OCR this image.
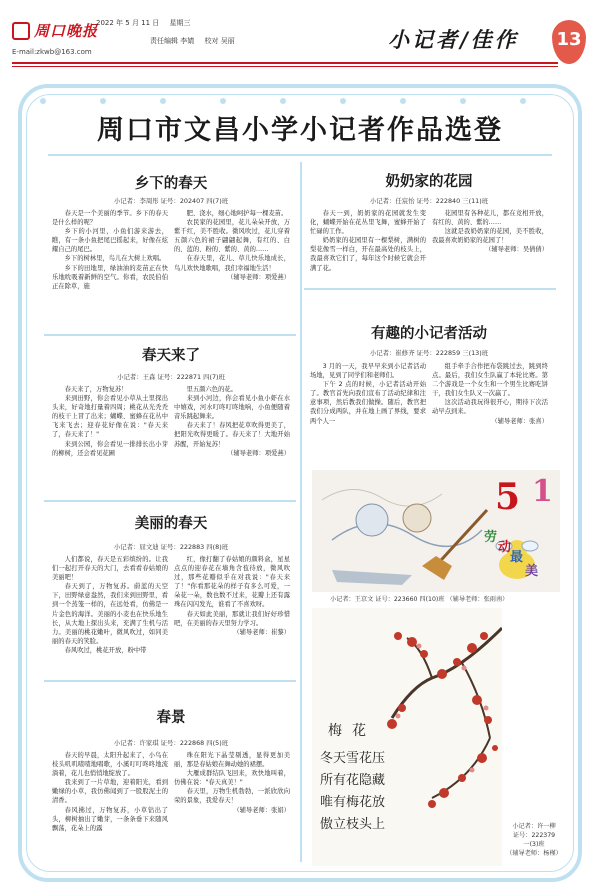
周口晚报
E-mail:zkwb@163.com
2022 年 5 月 11 日 星期三
责任编辑 李婧 校对 吴丽	小记者/佳作 13
周口市文昌小学小记者作品选登
乡下的春天
小记者：李周彤 证号：202407 四(7)班

春天是一个美丽的季节。乡下的春天是什么样的呢？

乡下的小河里，小鱼们游来游去，瞧，有一条小鱼把尾巴摇起来，好像在炫耀自己的尾巴。

乡下的树林里，鸟儿在大树上欢唱。

乡下的田地里，绿油油的麦苗正在快乐地吮吸着新鲜的空气。你看，农民伯伯正在除草，施

肥、浇水，细心地呵护每一棵麦苗。

农民家的花园里，花儿朵朵开放，万紫千红，美不胜收。微风吹过，花儿穿着五颜六色的裙子翩翩起舞，有红的、白的、蓝的、粉的、紫的、黄的……

在春天里，花儿、草儿快乐地成长，鸟儿欢快地歌唱，我们幸福地生活！

（辅导老师：项爱燕）

春天来了
小记者：王森 证号：222871 四(7)班

春天来了，万物复苏！

来到田野，你会看见小草从土里探出头来，好奇地打量着四周；桃花从光秃秃的枝干上冒了出来；蝴蝶、蜜蜂在花丛中飞来飞去；迎春花好像在说："春天来了，春天来了！"

来到公园，你会看见一排排长出小芽的柳树，还会看见花圃

里五颜六色的花。

来到小河边，你会看见小鱼小虾在水中嬉戏，河水叮咚叮咚地响，小鱼便随着音乐跳起舞来。

春天来了！春风把花草吹得更美了，把阳光吹得更暖了。春天来了！大地开始苏醒，开始复苏！

（辅导老师：项爱燕）

美丽的春天
小记者：屈文迪 证号：222883 四(8)班

人们都说，春天是五彩缤纷的。让我们一起打开春天的大门，去看看春姑娘的美丽吧！

春天到了，万物复苏。蔚蓝的天空下，田野绿意盎然，我们来到田野里，看到一个蒸笼一样的，在远处看，仿佛是一片金色的海洋。美丽的小麦也在快乐地生长，从大地上探出头来，充满了生机与活力。美丽的桃花嫩叶，微风吹过，如同美丽的春天的笑脸。

春风吹过，桃花开放，粉中带

红，像打翻了春姑娘的颜料盒，星星点点的迎春花在墙角含苞待放，微风吹过，那些花瓣似乎在对我说："春天来了！"你看那花朵的样子有多么可爱，一朵花一朵，数也数不过来，花瓣上还有露珠在闪闪发光，谁看了不喜欢呀。

春天如此美丽，那就让我们好好珍惜吧，在美丽的春天里努力学习。

（辅导老师：崔黎）

春景
小记者：许家琪 证号：222868 四(5)班

春天的早晨，太阳升起来了，小鸟在枝头叽叽喳喳地唱歌，小溪叮叮咚咚地流淌着，花儿也悄悄地绽放了。

我来到了一片草地，迎着阳光，看到嫩绿的小草，我仿佛闻到了一股股泥土的清香。

春风拂过，万物复苏，小草钻出了头，柳树抽出了嫩芽，一条条垂下来随风飘荡，花朵上的露

珠在阳光下晶莹剔透，显得更加美丽，那是春姑娘在舞动她的裙摆。

大雁成群结队飞回来，欢快地叫着，仿佛在说："春天真美！"

春天里，万物生机勃勃，一派欣欣向荣的景象，我爱春天！

（辅导老师：张娟）

奶奶家的花园
小记者：任宸怡 证号：222840 三(11)班

春天一到，奶奶家的花园就发生变化，蝴蝶开始在花丛里飞舞，蜜蜂开始了忙碌的工作。

奶奶家的花园里有一棵梨树，满树的梨花像雪一样白，开在最高处的枝头上，我最喜欢它们了，每年这个时候它就会开满了花。

花园里有各种花儿，都在竞相开放，有红的、黄的、紫的……

这就是我奶奶家的花园，美不胜收，我最喜欢奶奶家的花园了！

（辅导老师：吴倩倩）

有趣的小记者活动
小记者：崔修齐 证号：222859 三(13)班

3 月的一天，我早早来到小记者活动场地，见到了同学们和老师们。

下午 2 点的时候，小记者活动开始了。教官首先向我们宣布了活动纪律和注意事项，然后教我们做操。随后，教官把我们分成两队，并在地上画了界线，要求两个人一

组手牵手合作把布袋跳过去，跳到终点。最后，我们女生队赢了本轮比赛。第二个游戏是一个女生和一个男生比赛吃饼干，我们女生队又一次赢了。

这次活动我玩得很开心，期待下次活动早点到来。

（辅导老师：张喜）

5 1
劳
动
最
美
小记者：王京文 证号：223660 四(10)班 （辅导老师：张雨南）
梅花
冬天雪花压
所有花隐藏
唯有梅花放
傲立枝头上	小记者：许一柳
证号：222379
一(3)班
（辅导老师：杨槿）
